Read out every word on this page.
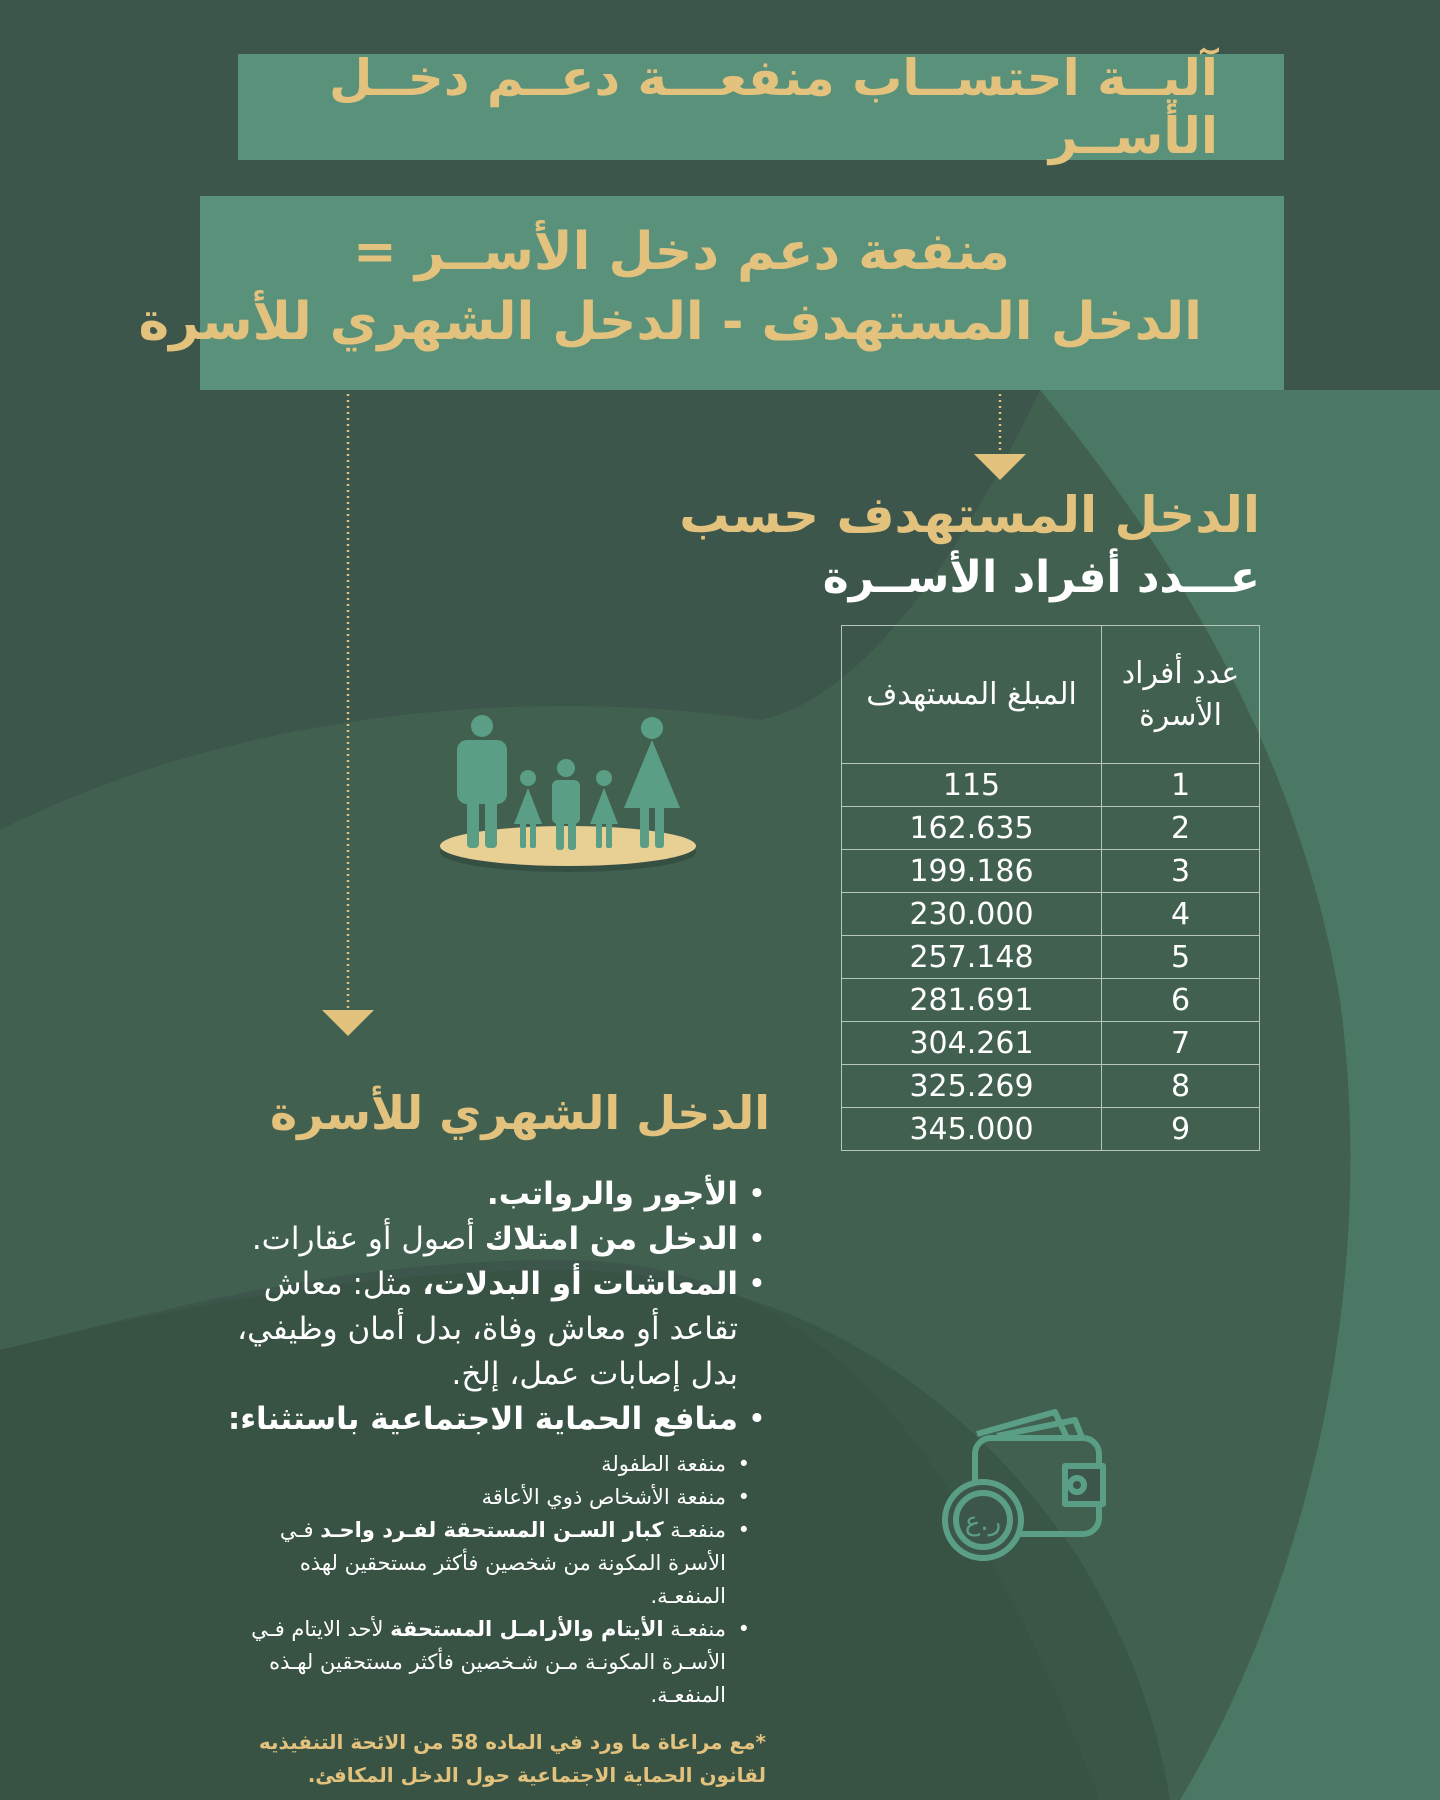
آليــة احتســاب منفعـــة دعــم دخــل الأســر
منفعة دعم دخل الأســر =
الدخل المستهدف - الدخل الشهري للأسرة
الدخل المستهدف حسب
عـــدد أفراد الأســرة
عدد أفراد الأسرة	المبلغ المستهدف
1	115
2	162.635
3	199.186
4	230.000
5	257.148
6	281.691
7	304.261
8	325.269
9	345.000
الدخل الشهري للأسرة
• الأجور والرواتب.
• الدخل من امتلاك أصول أو عقارات.
• المعاشات أو البدلات، مثل: معاش تقاعد أو معاش وفاة، بدل أمان وظيفي، بدل إصابات عمل، إلخ.
• منافع الحماية الاجتماعية باستثناء:
• منفعة الطفولة
• منفعة الأشخاص ذوي الأعاقة
• منفعـة كبار السـن المستحقة لفـرد واحـد فـي الأسرة المكونة من شخصين فأكثر مستحقين لهذه المنفعـة.
• منفعـة الأيتام والأرامـل المستحقة لأحد الايتام فـي الأسـرة المكونـة مـن شـخصين فأكثر مستحقين لهـذه المنفعـة.
*مع مراعاة ما ورد في الماده 58 من الائحة التنفيذيه لقانون الحماية الاجتماعية حول الدخل المكافئ.
ر.ع
